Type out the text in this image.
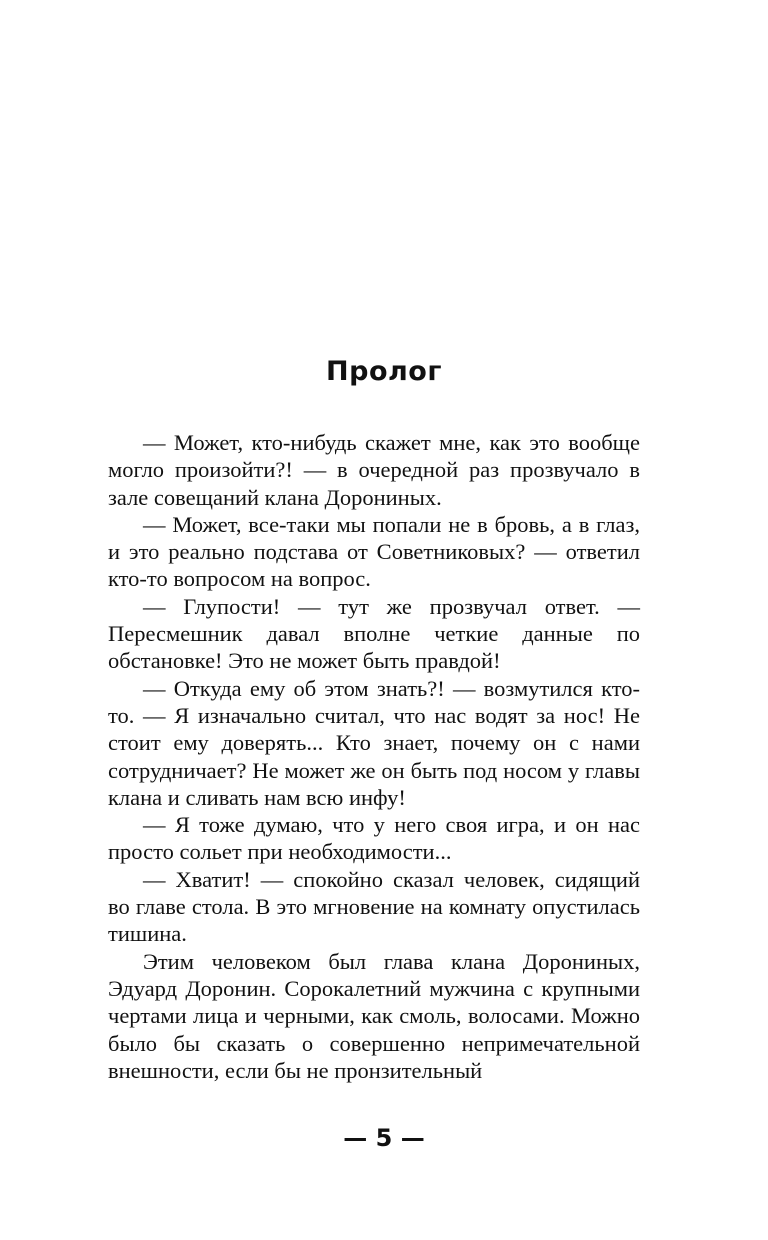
Пролог

— Может, кто-нибудь скажет мне, как это вообще могло произойти?! — в очередной раз прозвучало в зале совещаний клана Дорониных.

— Может, все-таки мы попали не в бровь, а в глаз, и это реально подстава от Советниковых? — ответил кто-то вопросом на вопрос.

— Глупости! — тут же прозвучал ответ. — Пересмешник давал вполне четкие данные по обстановке! Это не может быть правдой!

— Откуда ему об этом знать?! — возмутился кто-то. — Я изначально считал, что нас водят за нос! Не стоит ему доверять... Кто знает, почему он с нами сотрудничает? Не может же он быть под носом у главы клана и сливать нам всю инфу!

— Я тоже думаю, что у него своя игра, и он нас просто сольет при необходимости...

— Хватит! — спокойно сказал человек, сидящий во главе стола. В это мгновение на комнату опустилась тишина.

Этим человеком был глава клана Дорониных, Эдуард Доронин. Сорокалетний мужчина с крупными чертами лица и черными, как смоль, волосами. Можно было бы сказать о совершенно непримечательной внешности, если бы не пронзительный

— 5 —
